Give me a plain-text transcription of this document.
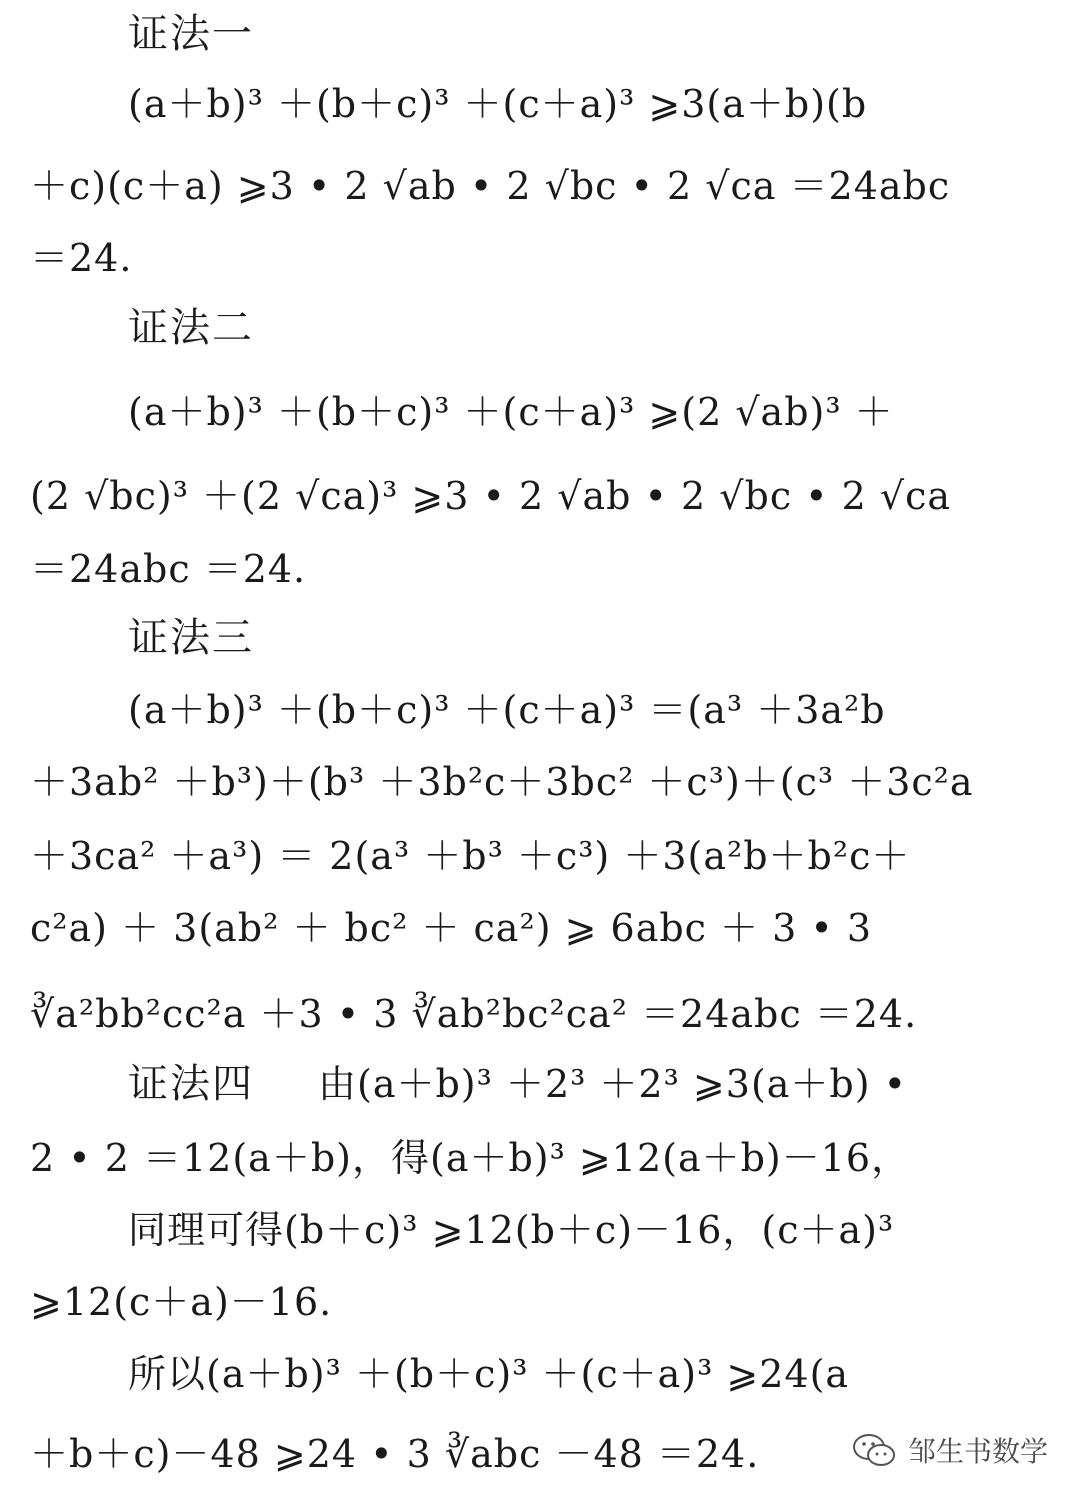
证法一
(a＋b)³ ＋(b＋c)³ ＋(c＋a)³ ⩾3(a＋b)(b
＋c)(c＋a) ⩾3 • 2 √ab • 2 √bc • 2 √ca ＝24abc
＝24.
证法二
(a＋b)³ ＋(b＋c)³ ＋(c＋a)³ ⩾(2 √ab)³ ＋
(2 √bc)³ ＋(2 √ca)³ ⩾3 • 2 √ab • 2 √bc • 2 √ca
＝24abc ＝24.
证法三
(a＋b)³ ＋(b＋c)³ ＋(c＋a)³ ＝(a³ ＋3a²b
＋3ab² ＋b³)＋(b³ ＋3b²c＋3bc² ＋c³)＋(c³ ＋3c²a
＋3ca² ＋a³) ＝ 2(a³ ＋b³ ＋c³) ＋3(a²b＋b²c＋
c²a) ＋ 3(ab² ＋ bc² ＋ ca²) ⩾ 6abc ＋ 3 • 3
∛a²bb²cc²a ＋3 • 3 ∛ab²bc²ca² ＝24abc ＝24.
证法四 由(a＋b)³ ＋2³ ＋2³ ⩾3(a＋b) •
2 • 2 ＝12(a＋b)，得(a＋b)³ ⩾12(a＋b)－16，
同理可得(b＋c)³ ⩾12(b＋c)－16，(c＋a)³
⩾12(c＋a)－16.
所以(a＋b)³ ＋(b＋c)³ ＋(c＋a)³ ⩾24(a
＋b＋c)－48 ⩾24 • 3 ∛abc －48 ＝24.	邹生书数学
